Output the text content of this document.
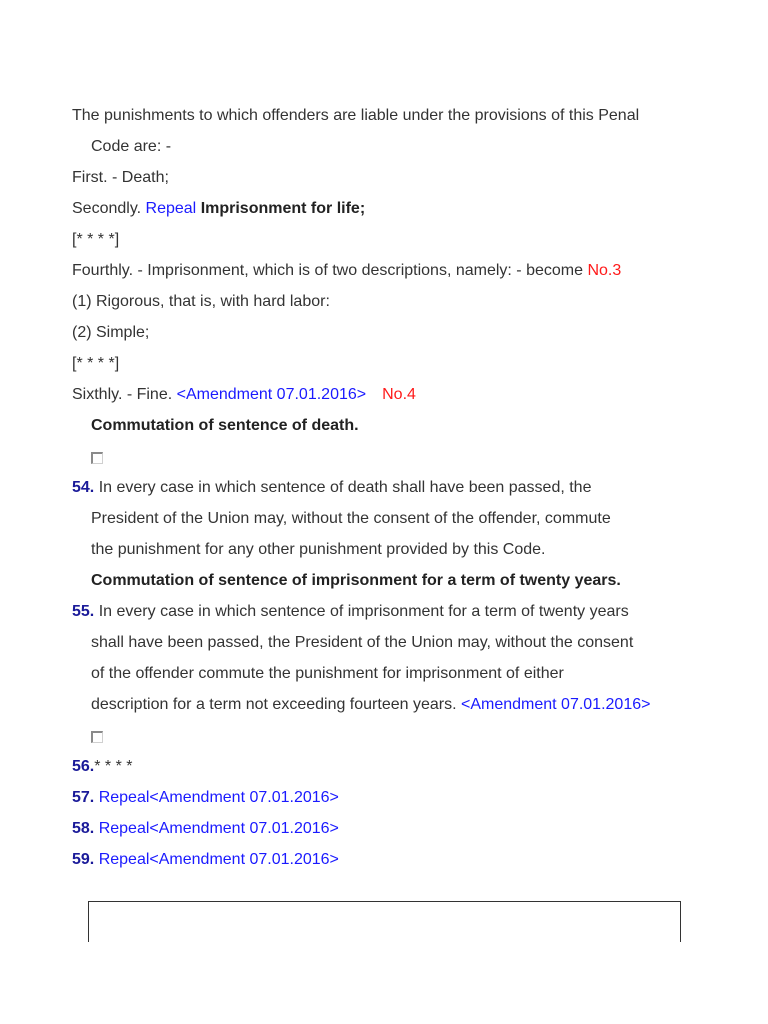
The punishments to which offenders are liable under the provisions of this Penal
Code are: -
First. - Death;
Secondly. Repeal Imprisonment for life;
[* * * *]
Fourthly. - Imprisonment, which is of two descriptions, namely: - become No.3
(1) Rigorous, that is, with hard labor:
(2) Simple;
[* * * *]
Sixthly. - Fine. <Amendment 07.01.2016> No.4
Commutation of sentence of death.
54. In every case in which sentence of death shall have been passed, the
President of the Union may, without the consent of the offender, commute
the punishment for any other punishment provided by this Code.
Commutation of sentence of imprisonment for a term of twenty years.
55. In every case in which sentence of imprisonment for a term of twenty years
shall have been passed, the President of the Union may, without the consent
of the offender commute the punishment for imprisonment of either
description for a term not exceeding fourteen years. <Amendment 07.01.2016>
56.* * * *
57. Repeal<Amendment 07.01.2016>
58. Repeal<Amendment 07.01.2016>
59. Repeal<Amendment 07.01.2016>
